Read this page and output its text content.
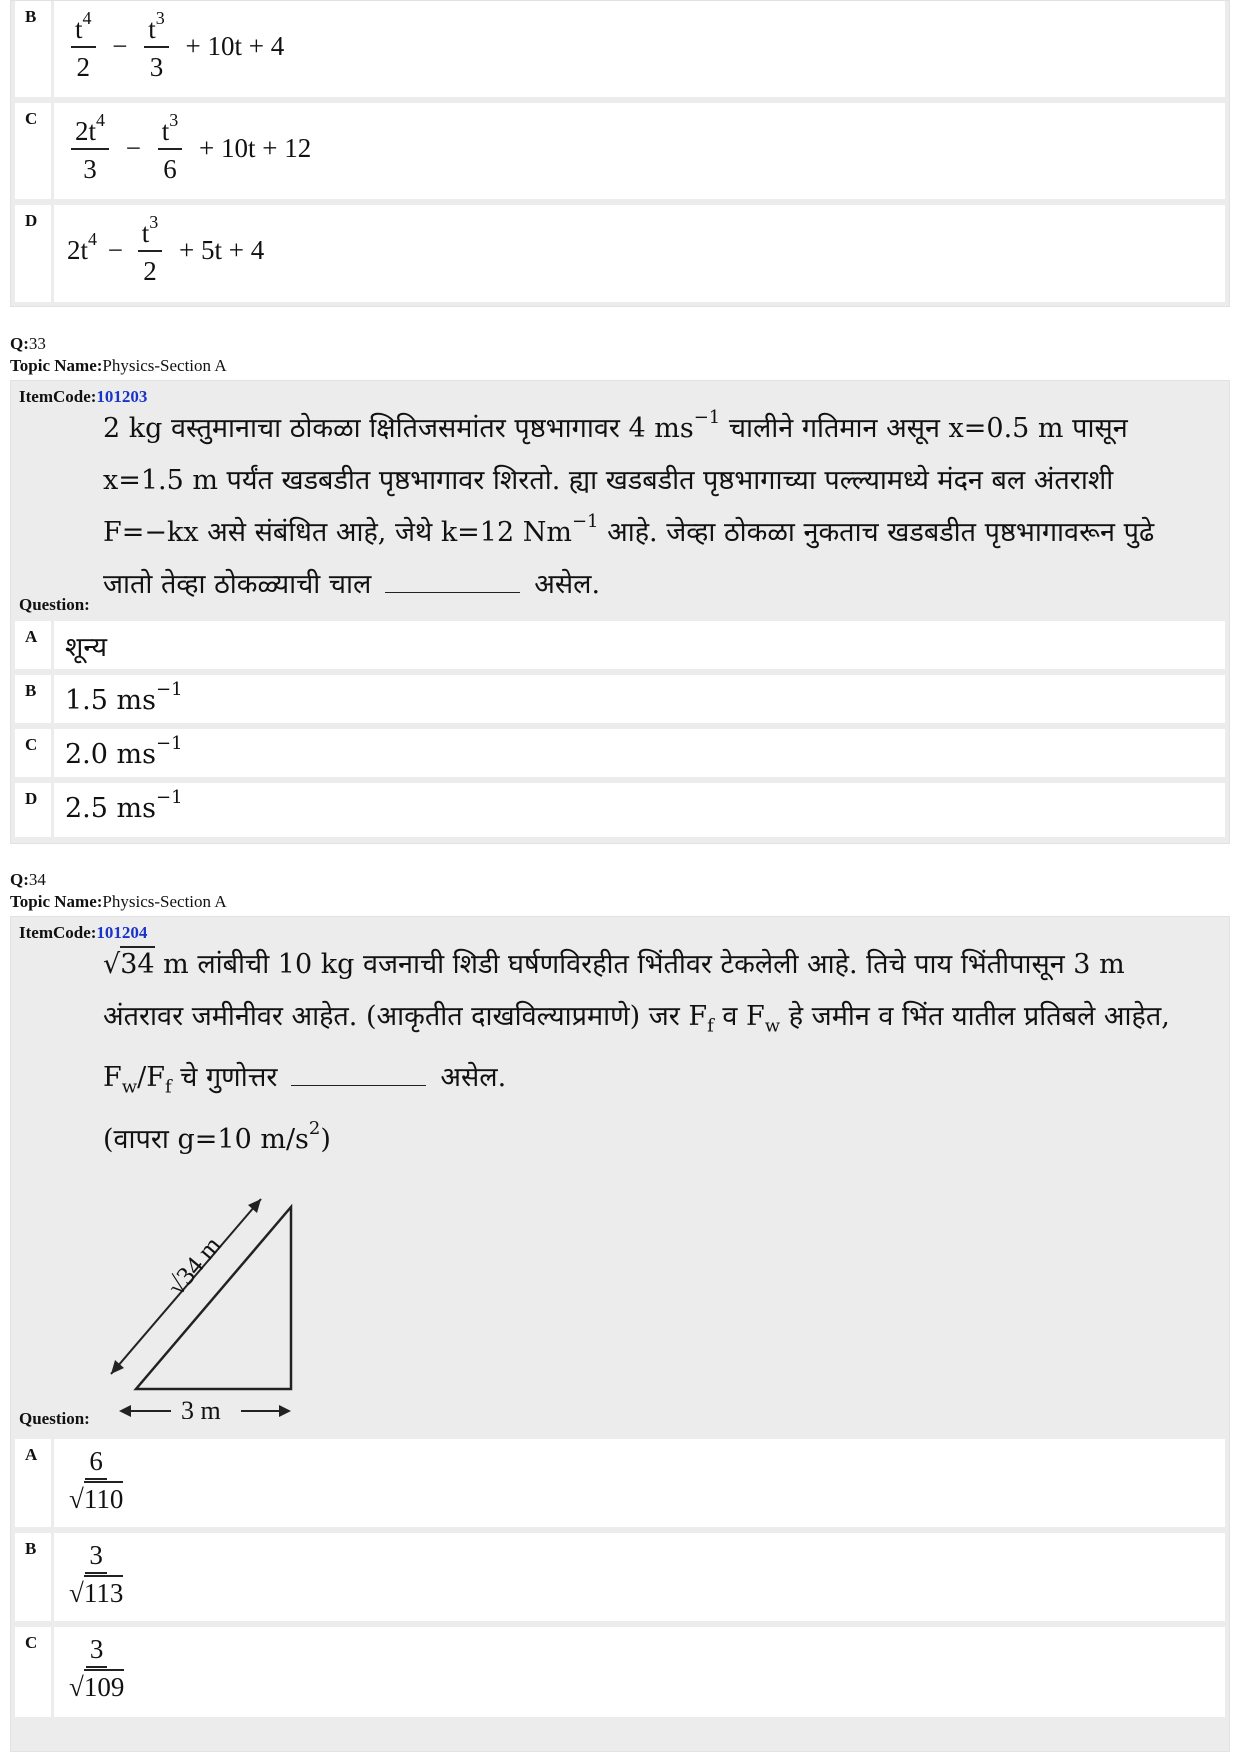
B $\frac{t^4}{2} - \frac{t^3}{3} + 10t + 4$
C $\frac{2t^4}{3} - \frac{t^3}{6} + 10t + 12$
D
$2t^4 - \frac{t^3}{2} + 5t + 4$
Q:33
Topic Name:Physics-Section A
ItemCode:101203
2 kg वस्तुमानाचा ठोकळा क्षितिजसमांतर पृष्ठभागावर 4 $ms^{-1}$ चालीने गतिमान असून x=0.5 m पासून
x=1.5 m पर्यंत खडबडीत पृष्ठभागावर शिरतो. ह्या खडबडीत पृष्ठभागाच्या पल्ल्यामध्ये मंदन बल अंतराशी
F=−kx असे संबंधित आहे, जेथे k=12 $Nm^{-1}$ आहे. जेव्हा ठोकळा नुकताच खडबडीत पृष्ठभागावरून पुढे
जातो तेव्हा ठोकळ्याची चाल	असेल.
Question:
A शून्य
B 1.5 $ms^{-1}$
C 2.0 $ms^{-1}$
D 2.5 $ms^{-1}$
Q:34
Topic Name:Physics-Section A
ItemCode:101204
√34 m लांबीची 10 kg वजनाची शिडी घर्षणविरहीत भिंतीवर टेकलेली आहे. तिचे पाय भिंतीपासून 3 m
अंतरावर जमीनीवर आहेत. (आकृतीत दाखविल्याप्रमाणे) जर $F_f$ व $F_w$ हे जमीन व भिंत यातील प्रतिबले आहेत,
$F_w/F_f$ चे गुणोत्तर	असेल.
(वापरा g=10 $m/s^2$)
√34 m
3 m
Question:
A $\frac{6}{√110}$
B $\frac{3}{√113}$
C $\frac{3}{√109}$
